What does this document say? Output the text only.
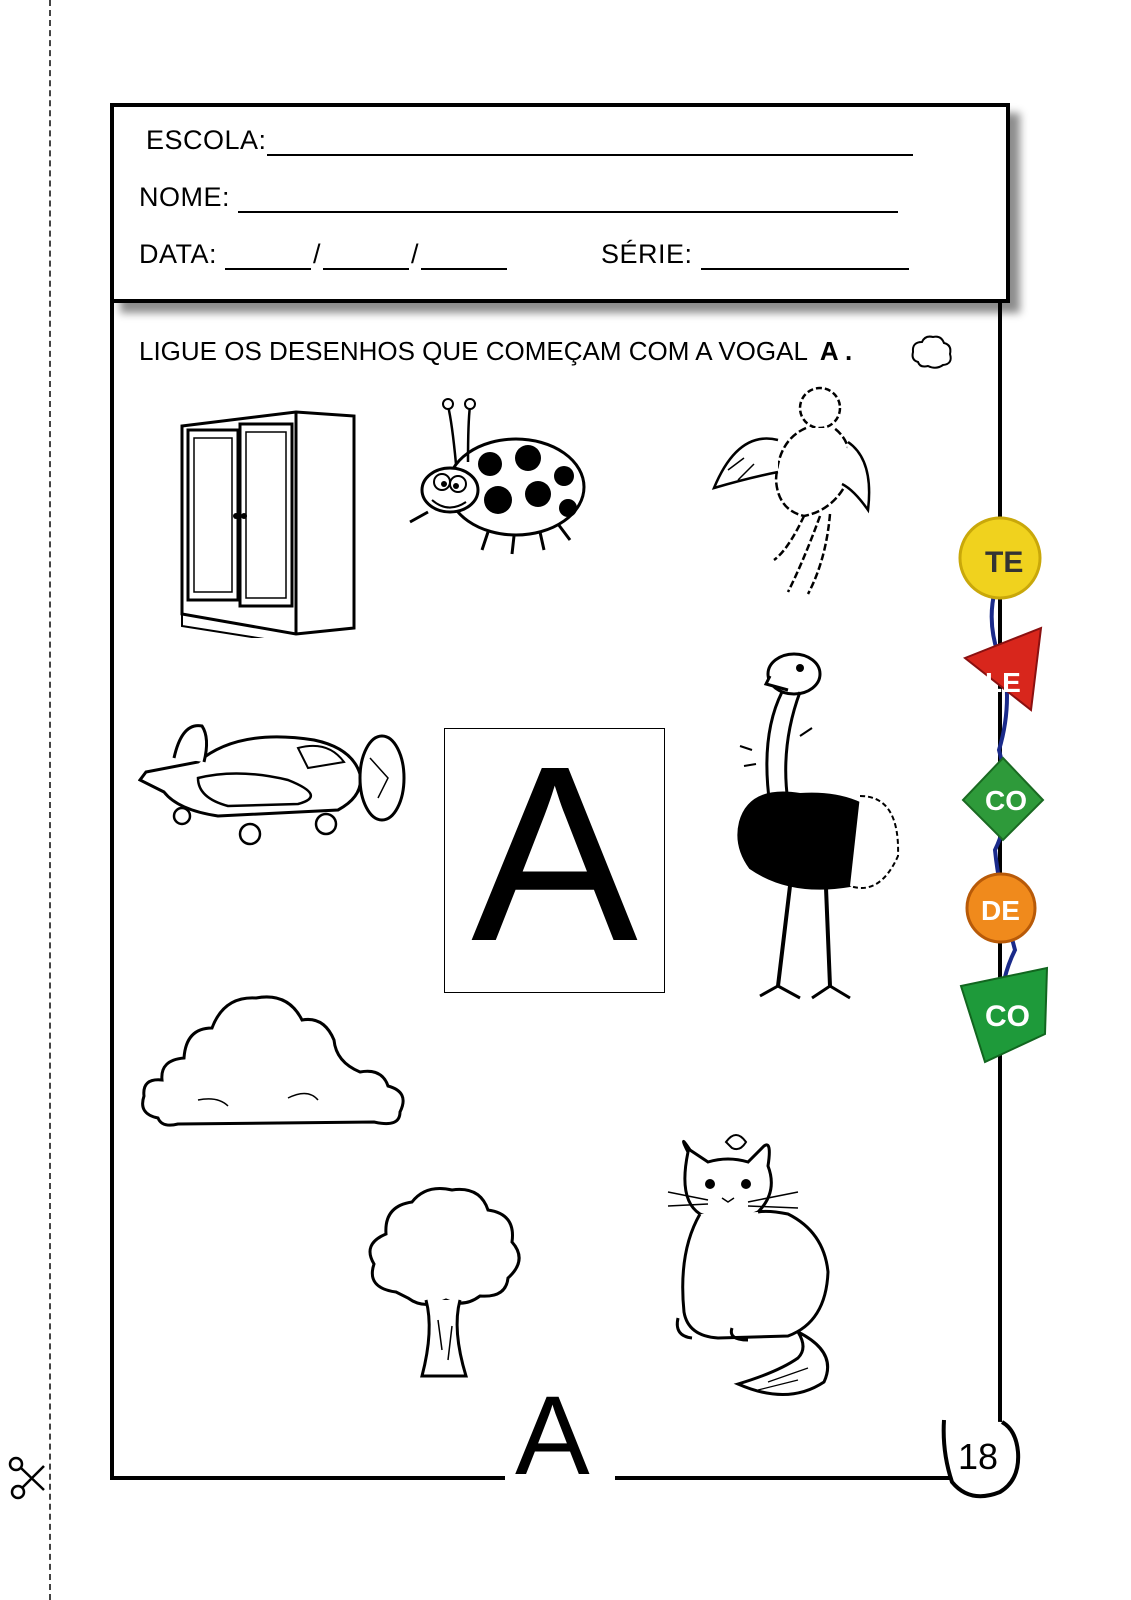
ESCOLA:
NOME:
DATA:	/	/	SÉRIE:
A	18
LIGUE OS DESENHOS QUE COMEÇAM COM A VOGAL A .
A
TE
LE
CO
DE
CO
